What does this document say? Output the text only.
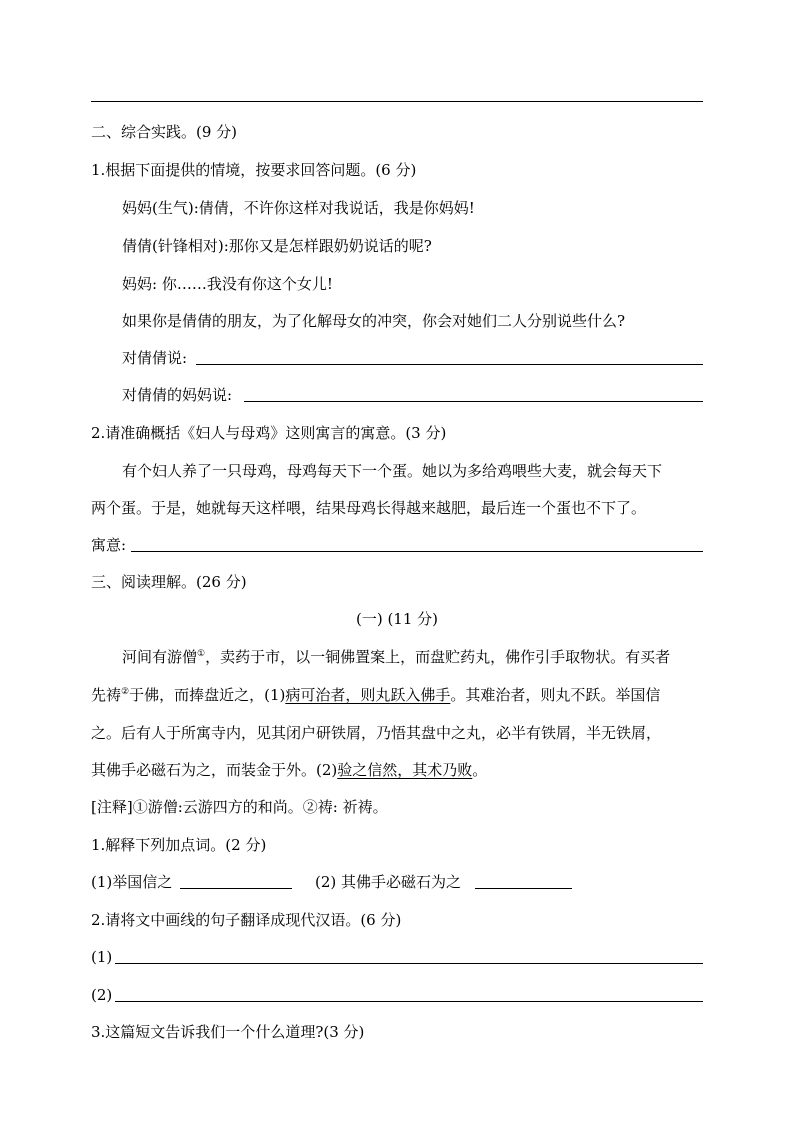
二、综合实践。(9 分)
1.根据下面提供的情境，按要求回答问题。(6 分)
妈妈(生气):倩倩，不许你这样对我说话，我是你妈妈!
倩倩(针锋相对):那你又是怎样跟奶奶说话的呢?
妈妈: 你……我没有你这个女儿!
如果你是倩倩的朋友，为了化解母女的冲突，你会对她们二人分别说些什么?
对倩倩说:
对倩倩的妈妈说:
2.请准确概括《妇人与母鸡》这则寓言的寓意。(3 分)
有个妇人养了一只母鸡，母鸡每天下一个蛋。她以为多给鸡喂些大麦，就会每天下
两个蛋。于是，她就每天这样喂，结果母鸡长得越来越肥，最后连一个蛋也不下了。
寓意:
三、阅读理解。(26 分)
(一) (11 分)
河间有游僧①，卖药于市，以一铜佛置案上，而盘贮药丸，佛作引手取物状。有买者
先祷②于佛，而捧盘近之，(1)病可治者，则丸跃入佛手。其难治者，则丸不跃。举国信
之。后有人于所寓寺内，见其闭户研铁屑，乃悟其盘中之丸，必半有铁屑，半无铁屑，
其佛手必磁石为之，而装金于外。(2)验之信然，其术乃败。
[注释]①游僧:云游四方的和尚。②祷: 祈祷。
1.解释下列加点词。(2 分)
(1)举国信之	(2) 其佛手必磁石为之
2.请将文中画线的句子翻译成现代汉语。(6 分)
(1)
(2)
3.这篇短文告诉我们一个什么道理?(3 分)
